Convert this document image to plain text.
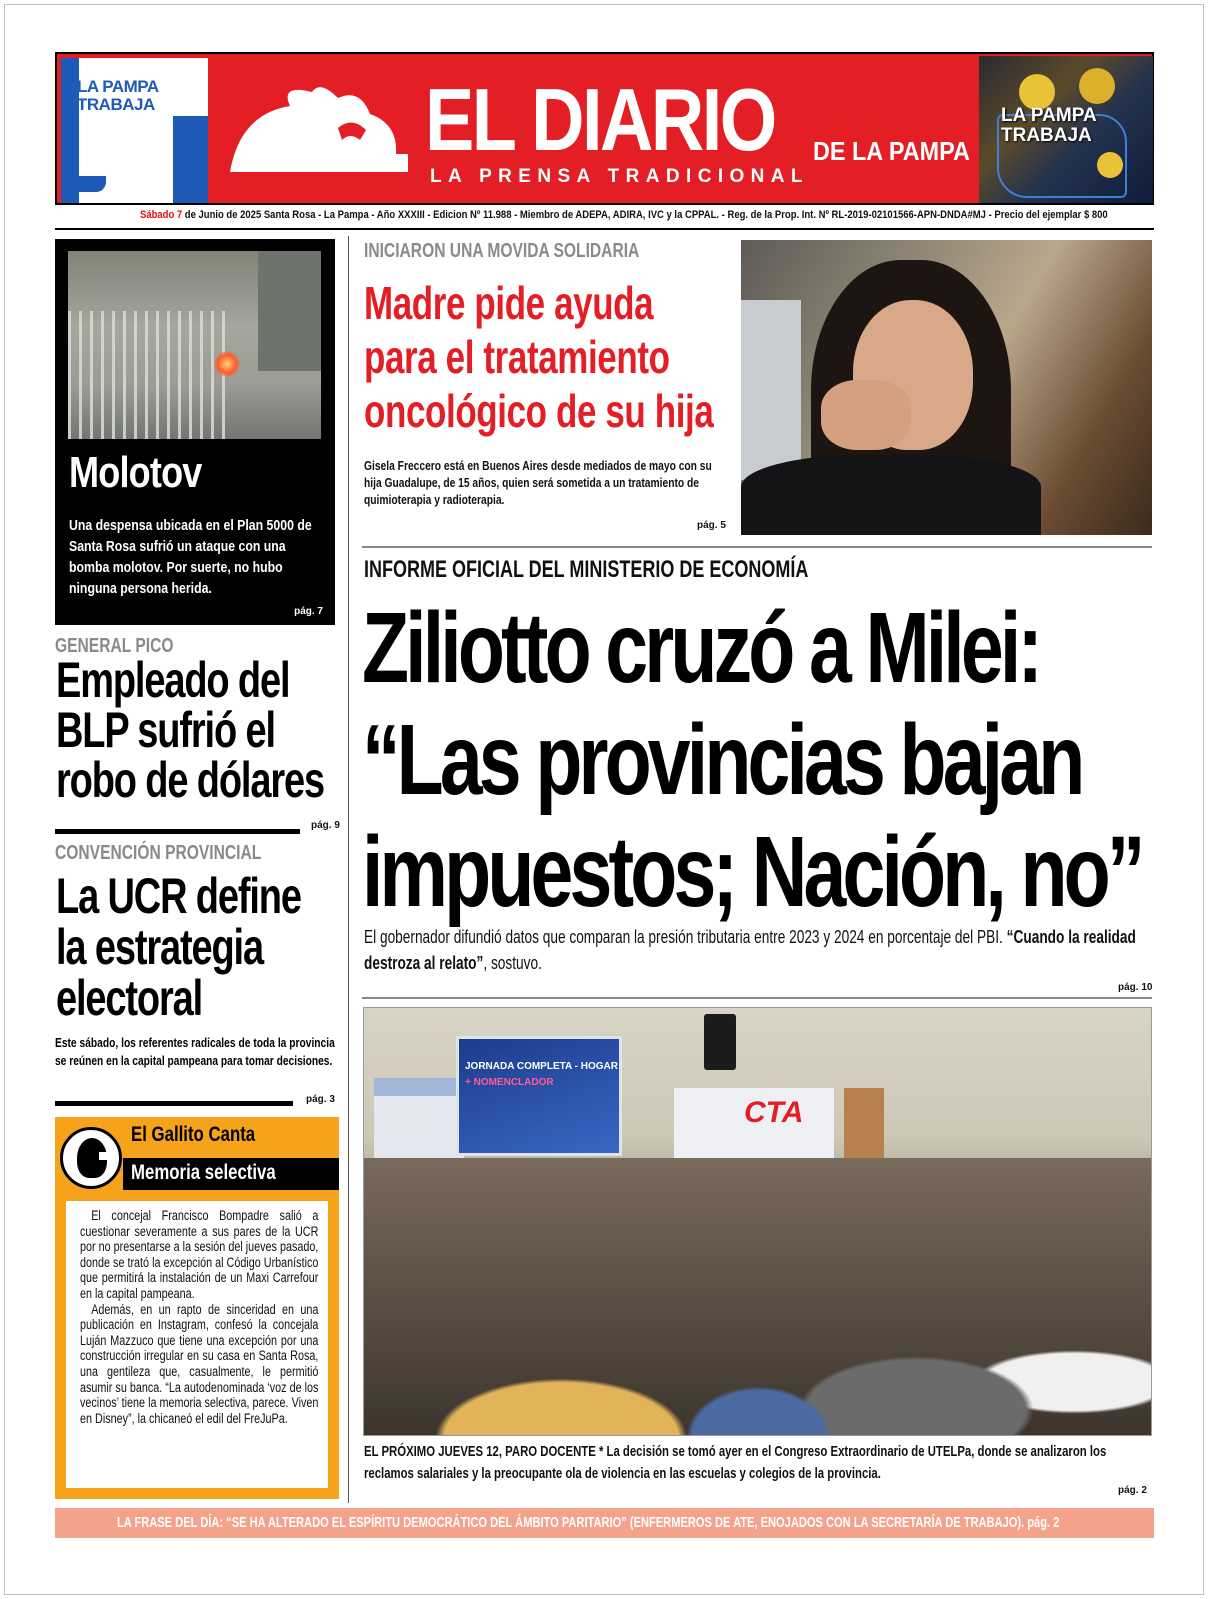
LA PAMPA TRABAJA	EL DIARIO
LA PRENSA TRADICIONAL
DE LA PAMPA
LA PAMPA TRABAJA
Sábado 7 de Junio de 2025 Santa Rosa - La Pampa - Año XXXIII - Edicion Nº 11.988 - Miembro de ADEPA, ADIRA, IVC y la CPPAL. - Reg. de la Prop. Int. Nº RL-2019-02101566-APN-DNDA#MJ - Precio del ejemplar $ 800
Molotov
Una despensa ubicada en el Plan 5000 de Santa Rosa sufrió un ataque con una bomba molotov. Por suerte, no hubo ninguna persona herida.
pág. 7
GENERAL PICO
Empleado del
BLP sufrió el
robo de dólares
pág. 9
CONVENCIÓN PROVINCIAL
La UCR define
la estrategia
electoral
Este sábado, los referentes radicales de toda la provincia se reúnen en la capital pampeana para tomar decisiones.
pág. 3
El Gallito Canta
Memoria selectiva

El concejal Francisco Bompadre salió a cuestionar severamente a sus pares de la UCR por no presentarse a la sesión del jueves pasado, donde se trató la excepción al Código Urbanístico que permitirá la instalación de un Maxi Carrefour en la capital pampeana.

Además, en un rapto de sinceridad en una publicación en Instagram, confesó la concejala Luján Mazzuco que tiene una excepción por una construcción irregular en su casa en Santa Rosa, una gentileza que, casualmente, le permitió asumir su banca. “La autodenominada ‘voz de los vecinos’ tiene la memoria selectiva, parece. Viven en Disney”, la chicaneó el edil del FreJuPa.

INICIARON UNA MOVIDA SOLIDARIA
Madre pide ayuda
para el tratamiento
oncológico de su hija
Gisela Freccero está en Buenos Aires desde mediados de mayo con su hija Guadalupe, de 15 años, quien será sometida a un tratamiento de quimioterapia y radioterapia.
pág. 5
INFORME OFICIAL DEL MINISTERIO DE ECONOMÍA
Ziliotto cruzó a Milei:
“Las provincias bajan
impuestos; Nación, no”
El gobernador difundió datos que comparan la presión tributaria entre 2023 y 2024 en porcentaje del PBI. “Cuando la realidad destroza al relato”, sostuvo.
pág. 10
JORNADA COMPLETA - HOGAR
+ NOMENCLADOR
CTA
EL PRÓXIMO JUEVES 12, PARO DOCENTE * La decisión se tomó ayer en el Congreso Extraordinario de UTELPa, donde se analizaron los reclamos salariales y la preocupante ola de violencia en las escuelas y colegios de la provincia.
pág. 2
LA FRASE DEL DÍA: “SE HA ALTERADO EL ESPÍRITU DEMOCRÁTICO DEL ÁMBITO PARITARIO” (ENFERMEROS DE ATE, ENOJADOS CON LA SECRETARÍA DE TRABAJO). pág. 2
